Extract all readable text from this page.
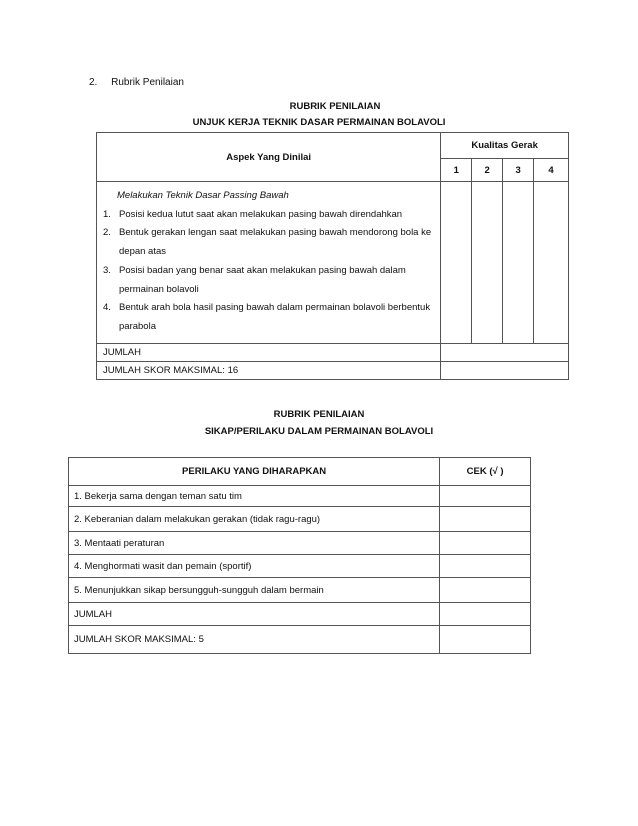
2. Rubrik Penilaian
RUBRIK PENILAIAN
UNJUK KERJA TEKNIK DASAR PERMAINAN BOLAVOLI
Aspek Yang Dinilai	Kualitas Gerak			
	1	2	3	4

Melakukan Teknik Dasar Passing Bawah
1. Posisi kedua lutut saat akan melakukan pasing bawah direndahkan
2. Bentuk gerakan lengan saat melakukan pasing bawah mendorong bola ke depan atas
3. Posisi badan yang benar saat akan melakukan pasing bawah dalam permainan bolavoli
4. Bentuk arah bola hasil pasing bawah dalam permainan bolavoli berbentuk parabola				

JUMLAH				
JUMLAH SKOR MAKSIMAL: 16				
RUBRIK PENILAIAN
SIKAP/PERILAKU DALAM PERMAINAN BOLAVOLI
PERILAKU YANG DIHARAPKAN	CEK (√ )
1. Bekerja sama dengan teman satu tim	
2. Keberanian dalam melakukan gerakan (tidak ragu-ragu)	
3. Mentaati peraturan	
4. Menghormati wasit dan pemain (sportif)	
5. Menunjukkan sikap bersungguh-sungguh dalam bermain	
JUMLAH	
JUMLAH SKOR MAKSIMAL: 5	
